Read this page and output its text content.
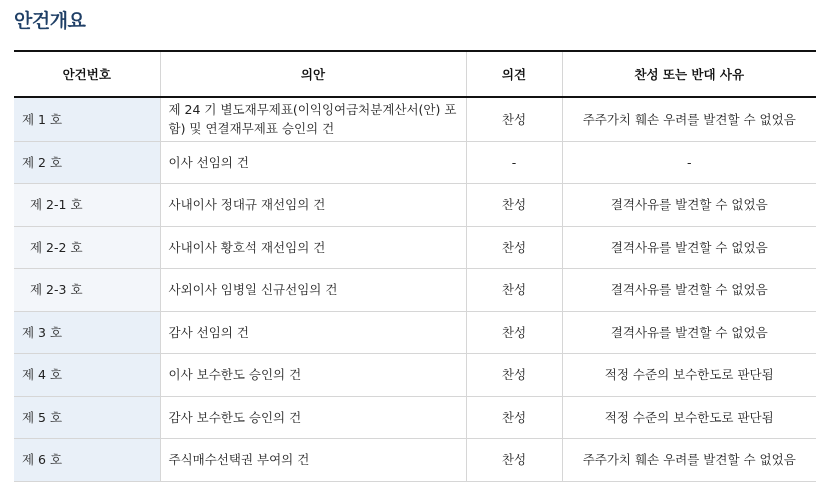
안건개요
안건번호	의안	의견	찬성 또는 반대 사유
제 1 호	제 24 기 별도재무제표(이익잉여금처분계산서(안) 포함) 및 연결재무제표 승인의 건	찬성	주주가치 훼손 우려를 발견할 수 없었음
제 2 호	이사 선임의 건	-	-
제 2-1 호	사내이사 정대규 재선임의 건	찬성	결격사유를 발견할 수 없었음
제 2-2 호	사내이사 황호석 재선임의 건	찬성	결격사유를 발견할 수 없었음
제 2-3 호	사외이사 임병일 신규선임의 건	찬성	결격사유를 발견할 수 없었음
제 3 호	감사 선임의 건	찬성	결격사유를 발견할 수 없었음
제 4 호	이사 보수한도 승인의 건	찬성	적정 수준의 보수한도로 판단됨
제 5 호	감사 보수한도 승인의 건	찬성	적정 수준의 보수한도로 판단됨
제 6 호	주식매수선택권 부여의 건	찬성	주주가치 훼손 우려를 발견할 수 없었음
